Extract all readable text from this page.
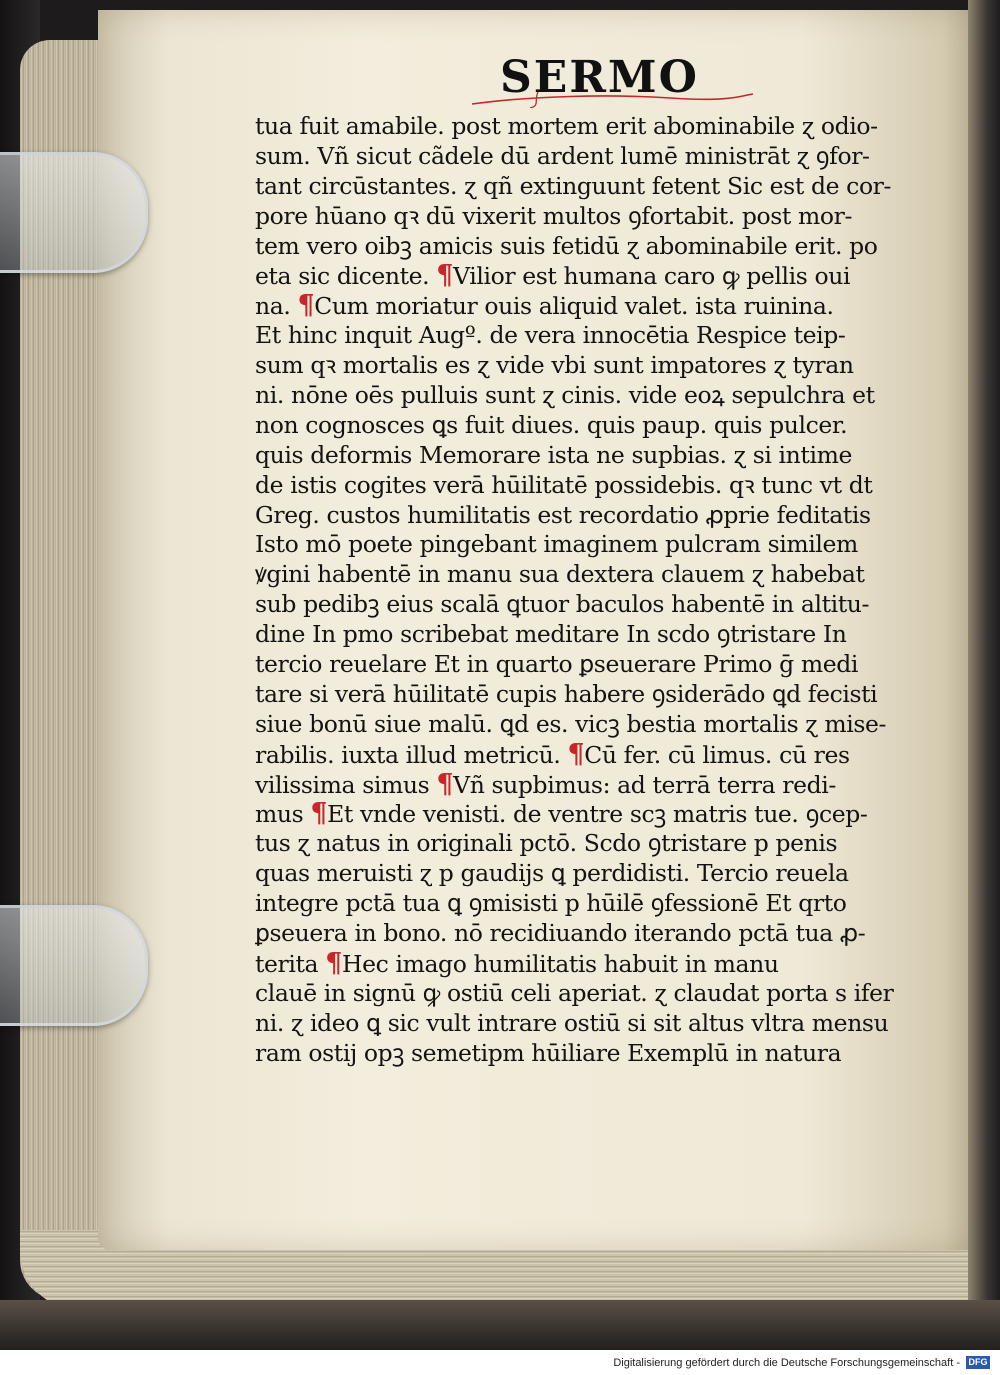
SERMO
tua fuit amabile. post mortem erit abominabile ɀ odio-
sum. Vñ sicut cãdele dū ardent lumē ministrāt ɀ ꝯfor-
tant circūstantes. ɀ qñ extinguunt fetent Sic est de cor-
pore hūano qꝛ dū vixerit multos ꝯfortabit. post mor-
tem vero oibꝫ amicis suis fetidū ɀ abominabile erit. po
eta sic dicente. ¶Vilior est humana caro ꝙ pellis oui
na. ¶Cum moriatur ouis aliquid valet. ista ruinina.
Et hinc inquit Augº. de vera innocētia Respice teip-
sum qꝛ mortalis es ɀ vide vbi sunt impatores ɀ tyran
ni. nōne oēs pulluis sunt ɀ cinis. vide eoꝝ sepulchra et
non cognosces ꝗs fuit diues. quis paup. quis pulcer.
quis deformis Memorare ista ne supbias. ɀ si intime
de istis cogites verā hūilitatē possidebis. qꝛ tunc vt dt
Greg. custos humilitatis est recordatio ꝓprie feditatis
Isto mō poete pingebant imaginem pulcram similem
ꝟgini habentē in manu sua dextera clauem ɀ habebat
sub pedibꝫ eius scalā ꝗtuor baculos habentē in altitu-
dine In pmo scribebat meditare In scdo ꝯtristare In
tercio reuelare Et in quarto ꝑseuerare Primo ḡ medi
tare si verā hūilitatē cupis habere ꝯsiderādo ꝗd fecisti
siue bonū siue malū. ꝗd es. vicꝫ bestia mortalis ɀ mise-
rabilis. iuxta illud metricū. ¶Cū fer. cū limus. cū res
vilissima simus ¶Vñ supbimus: ad terrā terra redi-
mus ¶Et vnde venisti. de ventre scꝫ matris tue. ꝯcep-
tus ɀ natus in originali pctō. Scdo ꝯtristare p penis
quas meruisti ɀ p gaudijs ꝗ perdidisti. Tercio reuela
integre pctā tua ꝗ ꝯmisisti p hūilē ꝯfessionē Et qrto
ꝑseuera in bono. nō recidiuando iterando pctā tua ꝓ-
terita ¶Hec imago humilitatis habuit in manu
clauē in signū ꝙ ostiū celi aperiat. ɀ claudat porta s ifer
ni. ɀ ideo ꝗ sic vult intrare ostiū si sit altus vltra mensu
ram ostij opꝫ semetipm hūiliare Exemplū in natura
Digitalisierung gefördert durch die Deutsche Forschungsgemeinschaft - DFG
